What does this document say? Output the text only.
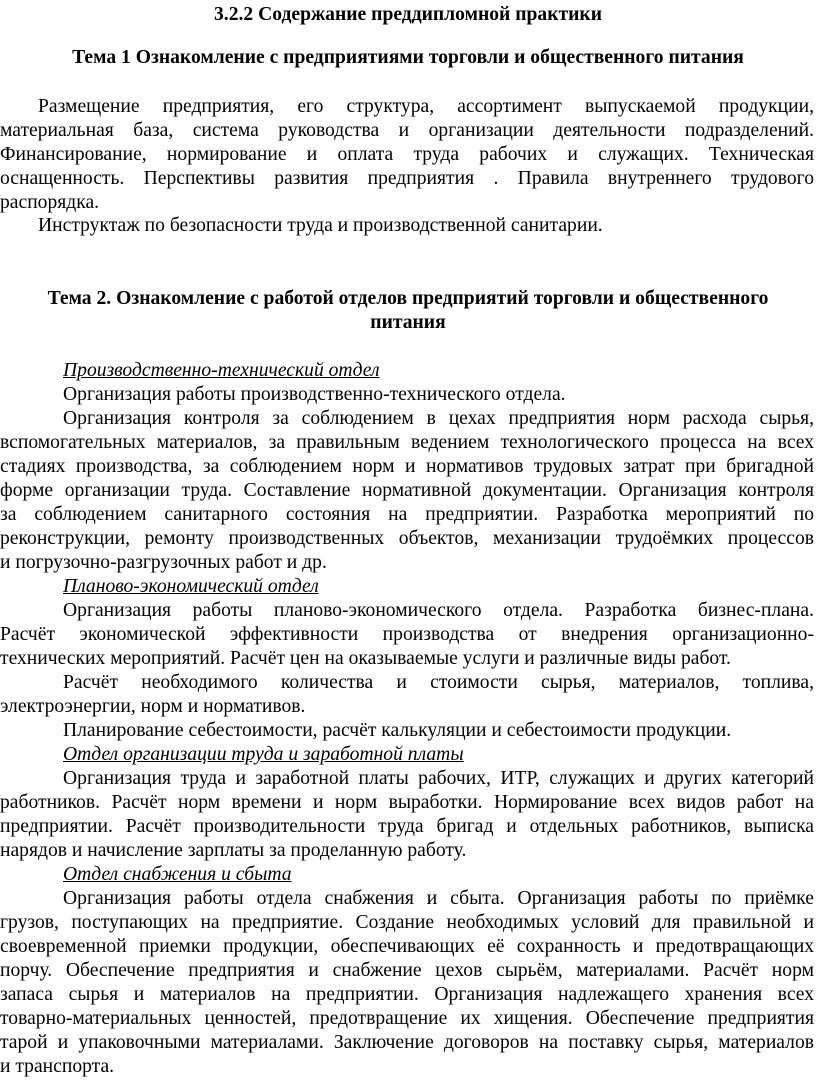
3.2.2 Содержание преддипломной практики
Тема 1 Ознакомление с предприятиями торговли и общественного питания
Размещение предприятия, его структура, ассортимент выпускаемой продукции,
материальная база, система руководства и организации деятельности подразделений.
Финансирование, нормирование и оплата труда рабочих и служащих. Техническая
оснащенность. Перспективы развития предприятия . Правила внутреннего трудового
распорядка.
Инструктаж по безопасности труда и производственной санитарии.
Тема 2. Ознакомление с работой отделов предприятий торговли и общественного
питания
Производственно-технический отдел
Организация работы производственно-технического отдела.
Организация контроля за соблюдением в цехах предприятия норм расхода сырья,
вспомогательных материалов, за правильным ведением технологического процесса на всех
стадиях производства, за соблюдением норм и нормативов трудовых затрат при бригадной
форме организации труда. Составление нормативной документации. Организация контроля
за соблюдением санитарного состояния на предприятии. Разработка мероприятий по
реконструкции, ремонту производственных объектов, механизации трудоёмких процессов
и погрузочно-разгрузочных работ и др.
Планово-экономический отдел
Организация работы планово-экономического отдела. Разработка бизнес-плана.
Расчёт экономической эффективности производства от внедрения организационно-
технических мероприятий. Расчёт цен на оказываемые услуги и различные виды работ.
Расчёт необходимого количества и стоимости сырья, материалов, топлива,
электроэнергии, норм и нормативов.
Планирование себестоимости, расчёт калькуляции и себестоимости продукции.
Отдел организации труда и заработной платы
Организация труда и заработной платы рабочих, ИТР, служащих и других категорий
работников. Расчёт норм времени и норм выработки. Нормирование всех видов работ на
предприятии. Расчёт производительности труда бригад и отдельных работников, выписка
нарядов и начисление зарплаты за проделанную работу.
Отдел снабжения и сбыта
Организация работы отдела снабжения и сбыта. Организация работы по приёмке
грузов, поступающих на предприятие. Создание необходимых условий для правильной и
своевременной приемки продукции, обеспечивающих её сохранность и предотвращающих
порчу. Обеспечение предприятия и снабжение цехов сырьём, материалами. Расчёт норм
запаса сырья и материалов на предприятии. Организация надлежащего хранения всех
товарно-материальных ценностей, предотвращение их хищения. Обеспечение предприятия
тарой и упаковочными материалами. Заключение договоров на поставку сырья, материалов
и транспорта.
